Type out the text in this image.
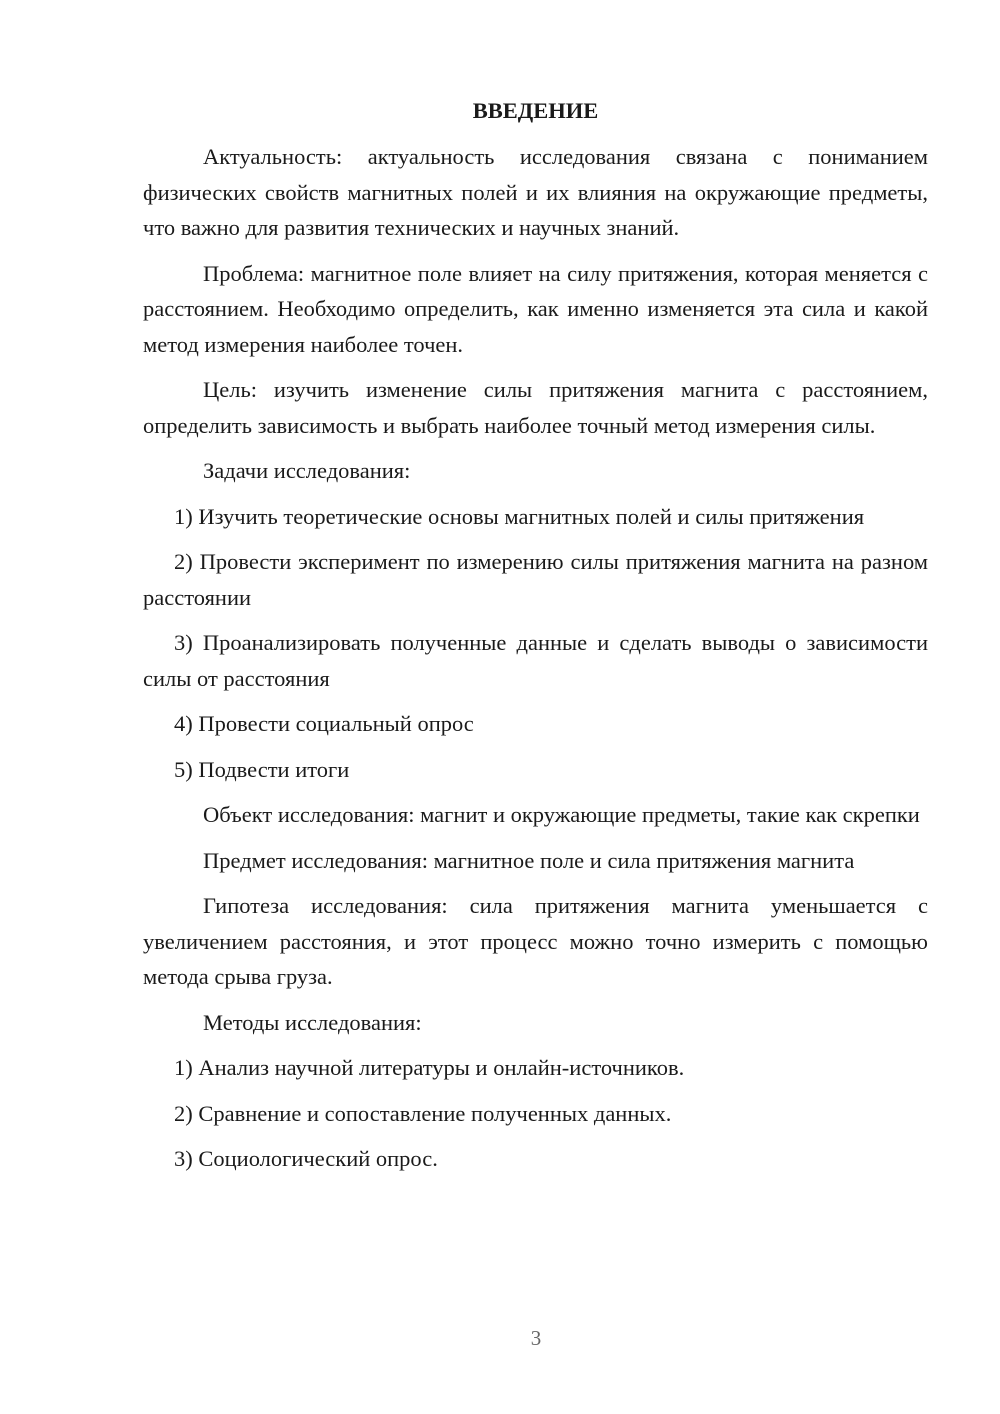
ВВЕДЕНИЕ

Актуальность: актуальность исследования связана с пониманием физических свойств магнитных полей и их влияния на окружающие предметы, что важно для развития технических и научных знаний.

Проблема: магнитное поле влияет на силу притяжения, которая меняется с расстоянием. Необходимо определить, как именно изменяется эта сила и какой метод измерения наиболее точен.

Цель: изучить изменение силы притяжения магнита с расстоянием, определить зависимость и выбрать наиболее точный метод измерения силы.

Задачи исследования:

1) Изучить теоретические основы магнитных полей и силы притяжения

2) Провести эксперимент по измерению силы притяжения магнита на разном расстоянии

3) Проанализировать полученные данные и сделать выводы о зависимости силы от расстояния

4) Провести социальный опрос

5) Подвести итоги

Объект исследования: магнит и окружающие предметы, такие как скрепки

Предмет исследования: магнитное поле и сила притяжения магнита

Гипотеза исследования: сила притяжения магнита уменьшается с увеличением расстояния, и этот процесс можно точно измерить с помощью метода срыва груза.

Методы исследования:

1) Анализ научной литературы и онлайн-источников.

2) Сравнение и сопоставление полученных данных.

3) Социологический опрос.

3
